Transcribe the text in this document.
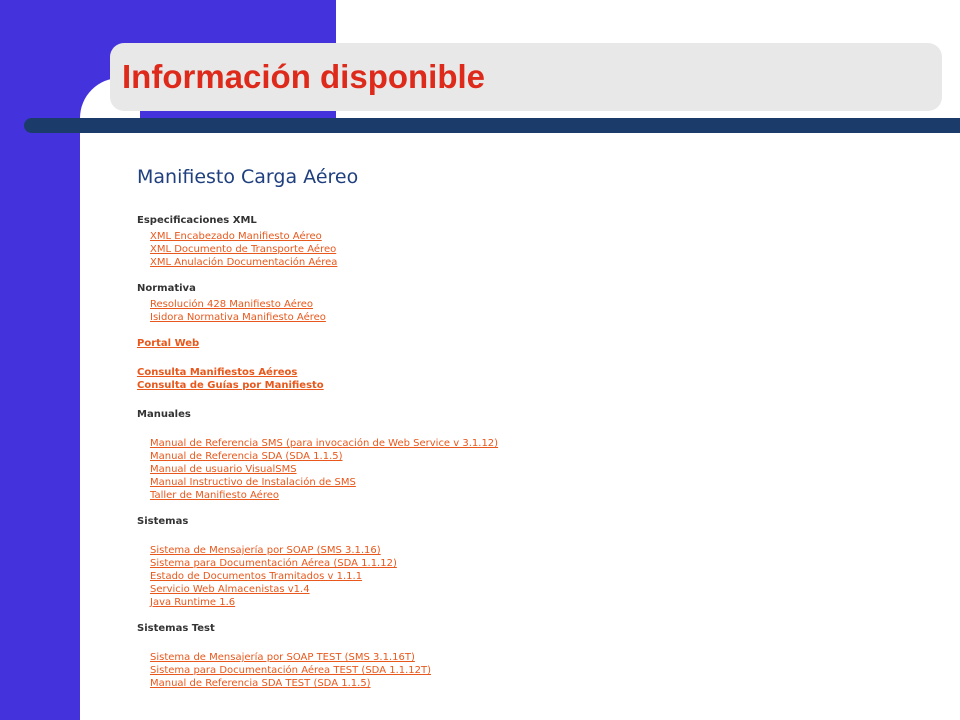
Información disponible
Manifiesto Carga Aéreo
Especificaciones XML
XML Encabezado Manifiesto Aéreo
XML Documento de Transporte Aéreo
XML Anulación Documentación Aérea
Normativa
Resolución 428 Manifiesto Aéreo
Isidora Normativa Manifiesto Aéreo
Portal Web
Consulta Manifiestos Aéreos
Consulta de Guías por Manifiesto
Manuales
Manual de Referencia SMS (para invocación de Web Service v 3.1.12)
Manual de Referencia SDA (SDA 1.1.5)
Manual de usuario VisualSMS
Manual Instructivo de Instalación de SMS
Taller de Manifiesto Aéreo
Sistemas
Sistema de Mensajería por SOAP (SMS 3.1.16)
Sistema para Documentación Aérea (SDA 1.1.12)
Estado de Documentos Tramitados v 1.1.1
Servicio Web Almacenistas v1.4
Java Runtime 1.6
Sistemas Test
Sistema de Mensajería por SOAP TEST (SMS 3.1.16T)
Sistema para Documentación Aérea TEST (SDA 1.1.12T)
Manual de Referencia SDA TEST (SDA 1.1.5)
